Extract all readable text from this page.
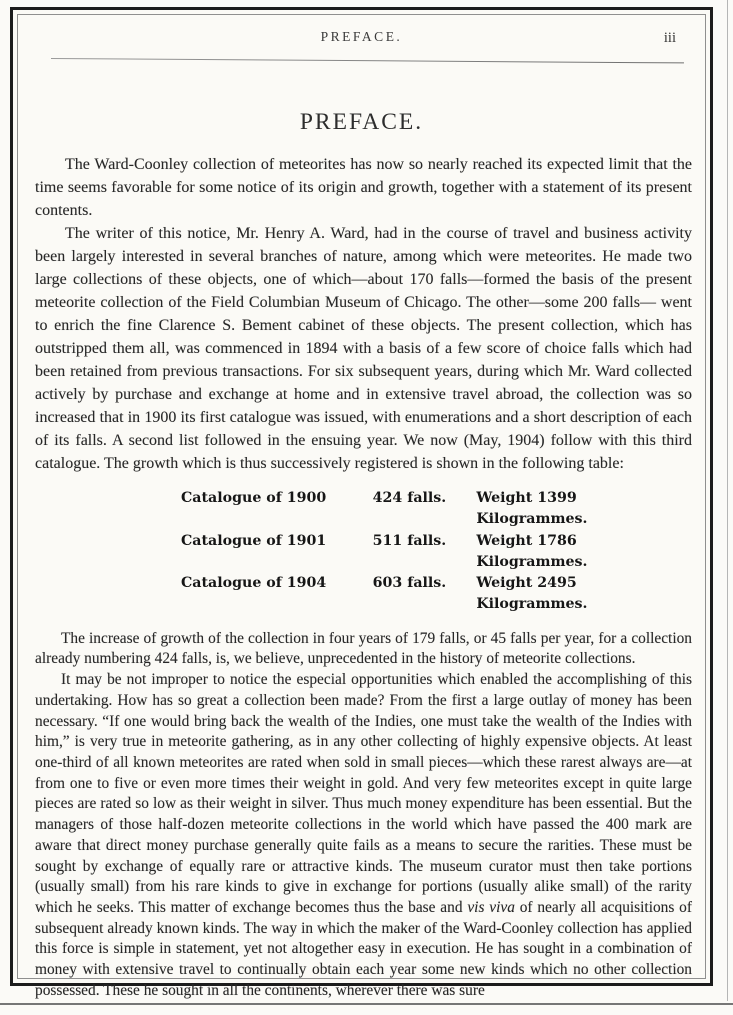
PREFACE.	iii
PREFACE.

The Ward-Coonley collection of meteorites has now so nearly reached its expected limit that the time seems favorable for some notice of its origin and growth, together with a statement of its present contents.

The writer of this notice, Mr. Henry A. Ward, had in the course of travel and business activity been largely interested in several branches of nature, among which were meteorites. He made two large collections of these objects, one of which—about 170 falls—formed the basis of the present meteorite collection of the Field Columbian Museum of Chicago. The other—some 200 falls— went to enrich the fine Clarence S. Bement cabinet of these objects. The present collection, which has outstripped them all, was commenced in 1894 with a basis of a few score of choice falls which had been retained from previous transactions. For six subsequent years, during which Mr. Ward collected actively by purchase and exchange at home and in extensive travel abroad, the collection was so increased that in 1900 its first catalogue was issued, with enumerations and a short description of each of its falls. A second list followed in the ensuing year. We now (May, 1904) follow with this third catalogue. The growth which is thus successively registered is shown in the following table:

Catalogue of 1900	424 falls.	Weight 1399 Kilogrammes.
Catalogue of 1901	511 falls.	Weight 1786 Kilogrammes.
Catalogue of 1904	603 falls.	Weight 2495 Kilogrammes.

The increase of growth of the collection in four years of 179 falls, or 45 falls per year, for a collection already numbering 424 falls, is, we believe, unprecedented in the history of meteorite collections.

It may be not improper to notice the especial opportunities which enabled the accomplishing of this undertaking. How has so great a collection been made? From the first a large outlay of money has been necessary. “If one would bring back the wealth of the Indies, one must take the wealth of the Indies with him,” is very true in meteorite gathering, as in any other collecting of highly expensive objects. At least one-third of all known meteorites are rated when sold in small pieces—which these rarest always are—at from one to five or even more times their weight in gold. And very few meteorites except in quite large pieces are rated so low as their weight in silver. Thus much money expenditure has been essential. But the managers of those half-dozen meteorite collections in the world which have passed the 400 mark are aware that direct money purchase generally quite fails as a means to secure the rarities. These must be sought by exchange of equally rare or attractive kinds. The museum curator must then take portions (usually small) from his rare kinds to give in exchange for portions (usually alike small) of the rarity which he seeks. This matter of exchange becomes thus the base and vis viva of nearly all acquisitions of subsequent already known kinds. The way in which the maker of the Ward-Coonley collection has applied this force is simple in statement, yet not altogether easy in execution. He has sought in a combination of money with extensive travel to continually obtain each year some new kinds which no other collection possessed. These he sought in all the continents, wherever there was sure
